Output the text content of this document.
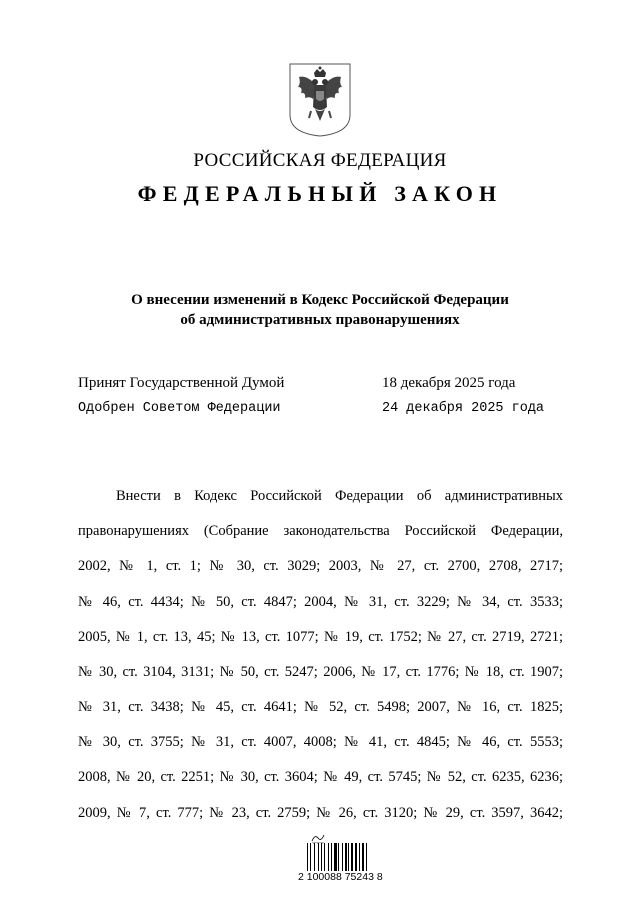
РОССИЙСКАЯ ФЕДЕРАЦИЯ
ФЕДЕРАЛЬНЫЙ ЗАКОН
О внесении изменений в Кодекс Российской Федерации
об административных правонарушениях
Принят Государственной Думой	18 декабря 2025 года
Одобрен Советом Федерации	24 декабря 2025 года
Внести в Кодекс Российской Федерации об административных
правонарушениях (Собрание законодательства Российской Федерации,
2002, № 1, ст. 1; № 30, ст. 3029; 2003, № 27, ст. 2700, 2708, 2717;
№ 46, ст. 4434; № 50, ст. 4847; 2004, № 31, ст. 3229; № 34, ст. 3533;
2005, № 1, ст. 13, 45; № 13, ст. 1077; № 19, ст. 1752; № 27, ст. 2719, 2721;
№ 30, ст. 3104, 3131; № 50, ст. 5247; 2006, № 17, ст. 1776; № 18, ст. 1907;
№ 31, ст. 3438; № 45, ст. 4641; № 52, ст. 5498; 2007, № 16, ст. 1825;
№ 30, ст. 3755; № 31, ст. 4007, 4008; № 41, ст. 4845; № 46, ст. 5553;
2008, № 20, ст. 2251; № 30, ст. 3604; № 49, ст. 5745; № 52, ст. 6235, 6236;
2009, № 7, ст. 777; № 23, ст. 2759; № 26, ст. 3120; № 29, ст. 3597, 3642;
2 100088 75243 8
